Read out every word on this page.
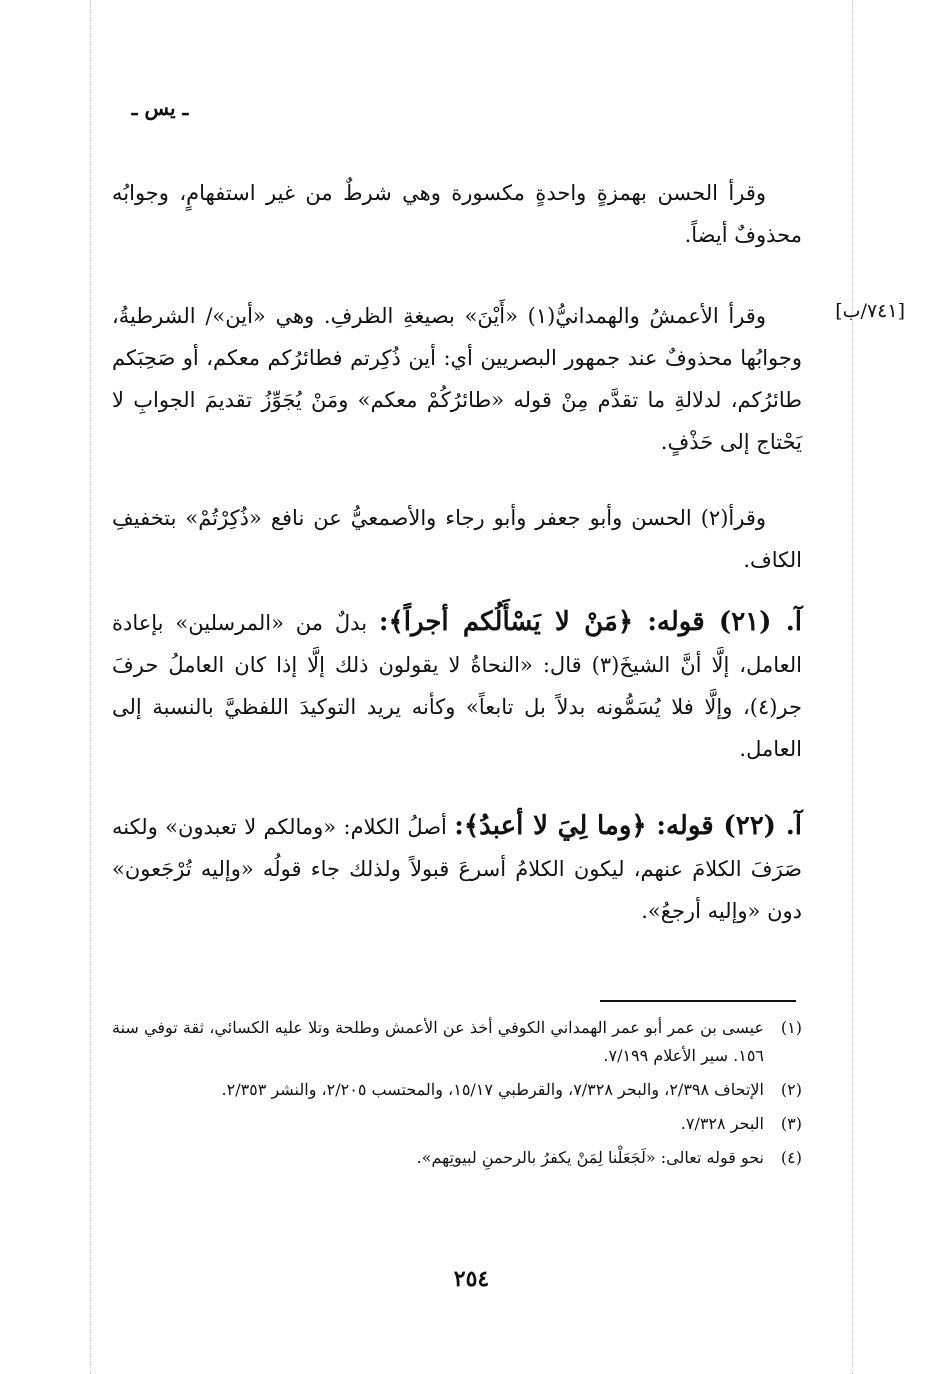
ـ يس ـ

وقرأ الحسن بهمزةٍ واحدةٍ مكسورة وهي شرطٌ من غير استفهامٍ، وجوابُه محذوفٌ أيضاً.

[٧٤١/ب]

وقرأ الأعمشُ والهمدانيُّ(١) «أَيْنَ» بصيغةِ الظرفِ. وهي «أين»/ الشرطيةُ، وجوابُها محذوفٌ عند جمهور البصريين أي: أين ذُكِرتم فطائرُكم معكم، أو صَحِبَكم طائرُكم، لدلالةِ ما تقدَّم مِنْ قوله «طائرُكُمْ معكم» ومَنْ يُجَوِّزُ تقديمَ الجوابِ لا يَحْتاج إلى حَذْفٍ.

وقرأ(٢) الحسن وأبو جعفر وأبو رجاء والأصمعيُّ عن نافع «ذُكِرْتُمْ» بتخفيفِ الكاف.

آ. (٢١) قوله: ﴿مَنْ لا يَسْأَلُكم أجراً﴾: بدلٌ من «المرسلين» بإعادة العامل، إلَّا أنَّ الشيخَ(٣) قال: «النحاةُ لا يقولون ذلك إلَّا إذا كان العاملُ حرفَ جر(٤)، وإلَّا فلا يُسَمُّونه بدلاً بل تابعاً» وكأنه يريد التوكيدَ اللفظيَّ بالنسبة إلى العامل.

آ. (٢٢) قوله: ﴿وما لِيَ لا أعبدُ﴾: أصلُ الكلام: «ومالكم لا تعبدون» ولكنه صَرَفَ الكلامَ عنهم، ليكون الكلامُ أسرعَ قبولاً ولذلك جاء قولُه «وإليه تُرْجَعون» دون «وإليه أرجعُ».

(١)
عيسى بن عمر أبو عمر الهمداني الكوفي أخذ عن الأعمش وطلحة وتلا عليه الكسائي، ثقة توفي سنة ١٥٦. سير الأعلام ٧/١٩٩.
(٢)
الإتحاف ٢/٣٩٨، والبحر ٧/٣٢٨، والقرطبي ١٥/١٧، والمحتسب ٢/٢٠٥، والنشر ٢/٣٥٣.
(٣)
البحر ٧/٣٢٨.
(٤)
نحو قوله تعالى: «لَجَعَلْنا لِمَنْ يكفرُ بالرحمنِ لبيوتِهم».
٢٥٤
